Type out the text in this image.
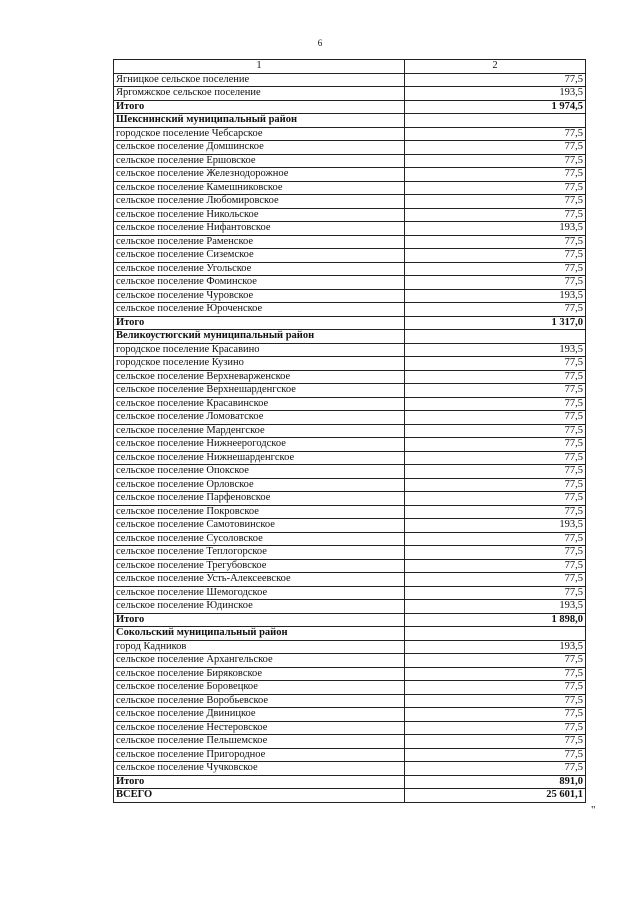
6
1	2
Ягницкое сельское поселение	77,5
Яргомжское сельское поселение	193,5
Итого	1 974,5
Шекснинский муниципальный район	
городское поселение Чебсарское	77,5
сельское поселение Домшинское	77,5
сельское поселение Ершовское	77,5
сельское поселение Железнодорожное	77,5
сельское поселение Камешниковское	77,5
сельское поселение Любомировское	77,5
сельское поселение Никольское	77,5
сельское поселение Нифантовское	193,5
сельское поселение Раменское	77,5
сельское поселение Сиземское	77,5
сельское поселение Угольское	77,5
сельское поселение Фоминское	77,5
сельское поселение Чуровское	193,5
сельское поселение Юроченское	77,5
Итого	1 317,0
Великоустюгский муниципальный район	
городское поселение Красавино	193,5
городское поселение Кузино	77,5
сельское поселение Верхневарженское	77,5
сельское поселение Верхнешарденгское	77,5
сельское поселение Красавинское	77,5
сельское поселение Ломоватское	77,5
сельское поселение Марденгское	77,5
сельское поселение Нижнеерогодское	77,5
сельское поселение Нижнешарденгское	77,5
сельское поселение Опокское	77,5
сельское поселение Орловское	77,5
сельское поселение Парфеновское	77,5
сельское поселение Покровское	77,5
сельское поселение Самотовинское	193,5
сельское поселение Сусоловское	77,5
сельское поселение Теплогорское	77,5
сельское поселение Трегубовское	77,5
сельское поселение Усть-Алексеевское	77,5
сельское поселение Шемогодское	77,5
сельское поселение Юдинское	193,5
Итого	1 898,0
Сокольский муниципальный район	
город Кадников	193,5
сельское поселение Архангельское	77,5
сельское поселение Биряковское	77,5
сельское поселение Боровецкое	77,5
сельское поселение Воробьевское	77,5
сельское поселение Двиницкое	77,5
сельское поселение Нестеровское	77,5
сельское поселение Пельшемское	77,5
сельское поселение Пригородное	77,5
сельское поселение Чучковское	77,5
Итого	891,0
ВСЕГО	25 601,1
"
